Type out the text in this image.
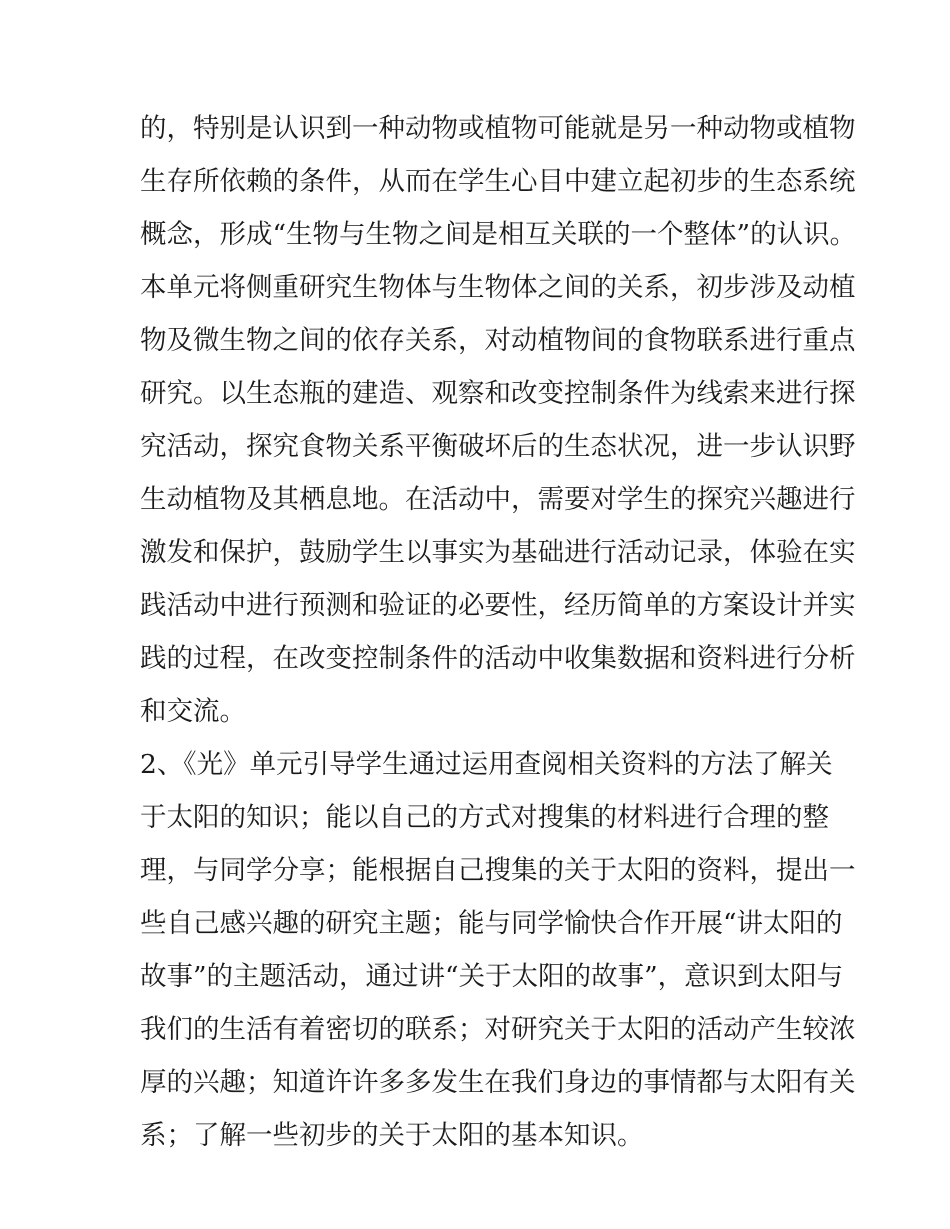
的，特别是认识到一种动物或植物可能就是另一种动物或植物
生存所依赖的条件，从而在学生心目中建立起初步的生态系统
概念，形成“生物与生物之间是相互关联的一个整体”的认识。
本单元将侧重研究生物体与生物体之间的关系，初步涉及动植
物及微生物之间的依存关系，对动植物间的食物联系进行重点
研究。以生态瓶的建造、观察和改变控制条件为线索来进行探
究活动，探究食物关系平衡破坏后的生态状况，进一步认识野
生动植物及其栖息地。在活动中，需要对学生的探究兴趣进行
激发和保护，鼓励学生以事实为基础进行活动记录，体验在实
践活动中进行预测和验证的必要性，经历简单的方案设计并实
践的过程，在改变控制条件的活动中收集数据和资料进行分析
和交流。
2、《光》单元引导学生通过运用查阅相关资料的方法了解关
于太阳的知识；能以自己的方式对搜集的材料进行合理的整
理，与同学分享；能根据自己搜集的关于太阳的资料，提出一
些自己感兴趣的研究主题；能与同学愉快合作开展“讲太阳的
故事”的主题活动，通过讲“关于太阳的故事”，意识到太阳与
我们的生活有着密切的联系；对研究关于太阳的活动产生较浓
厚的兴趣；知道许许多多发生在我们身边的事情都与太阳有关
系；了解一些初步的关于太阳的基本知识。
